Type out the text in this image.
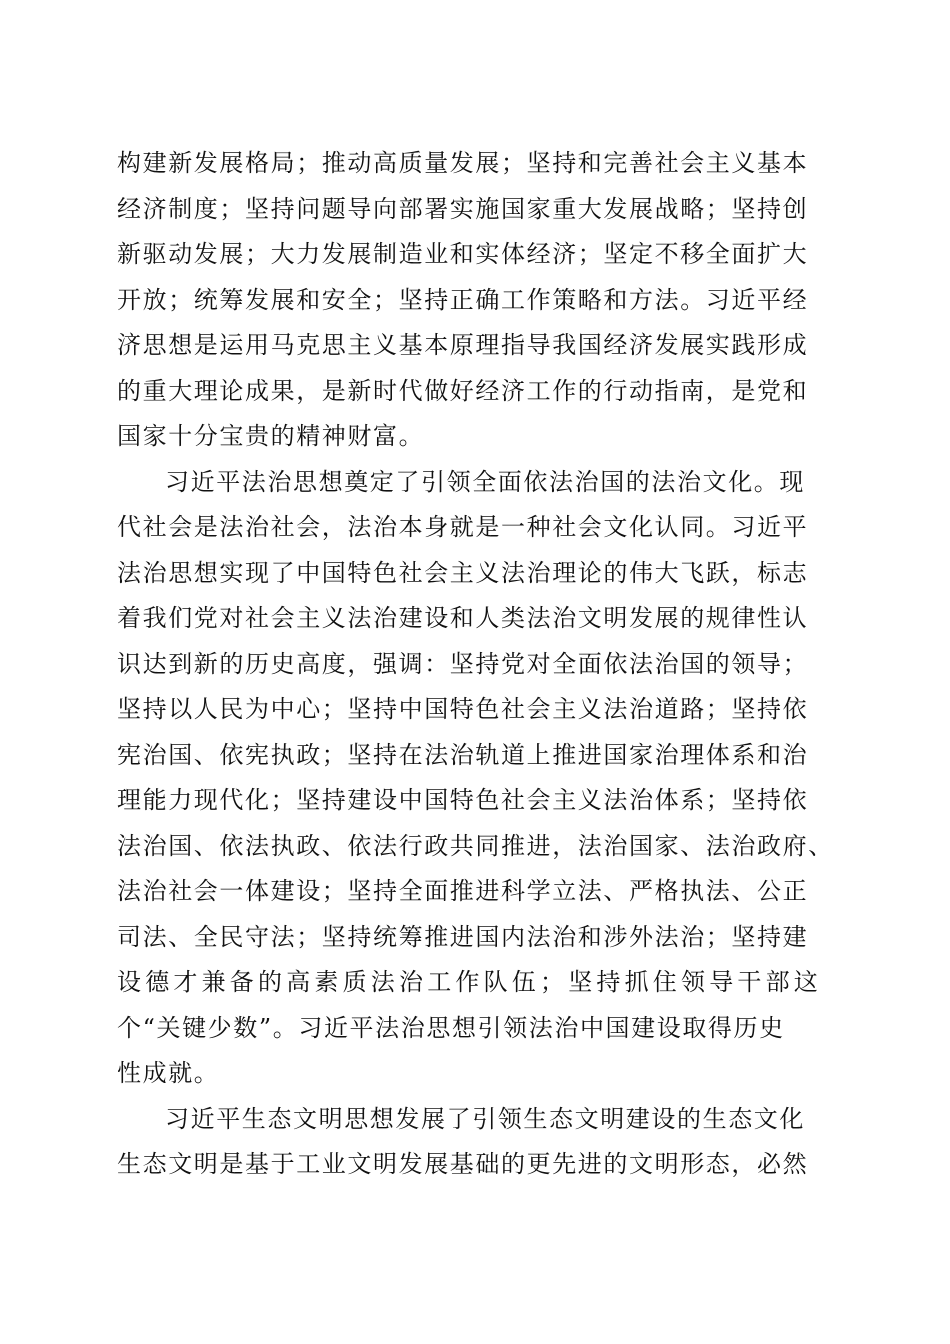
构建新发展格局；推动高质量发展；坚持和完善社会主义基本
经济制度；坚持问题导向部署实施国家重大发展战略；坚持创
新驱动发展；大力发展制造业和实体经济；坚定不移全面扩大
开放；统筹发展和安全；坚持正确工作策略和方法。习近平经
济思想是运用马克思主义基本原理指导我国经济发展实践形成
的重大理论成果，是新时代做好经济工作的行动指南，是党和
国家十分宝贵的精神财富。
习近平法治思想奠定了引领全面依法治国的法治文化。现
代社会是法治社会，法治本身就是一种社会文化认同。习近平
法治思想实现了中国特色社会主义法治理论的伟大飞跃，标志
着我们党对社会主义法治建设和人类法治文明发展的规律性认
识达到新的历史高度，强调：坚持党对全面依法治国的领导；
坚持以人民为中心；坚持中国特色社会主义法治道路；坚持依
宪治国、依宪执政；坚持在法治轨道上推进国家治理体系和治
理能力现代化；坚持建设中国特色社会主义法治体系；坚持依
法治国、依法执政、依法行政共同推进，法治国家、法治政府、
法治社会一体建设；坚持全面推进科学立法、严格执法、公正
司法、全民守法；坚持统筹推进国内法治和涉外法治；坚持建
设德才兼备的高素质法治工作队伍；坚持抓住领导干部这
个“关键少数”。习近平法治思想引领法治中国建设取得历史
性成就。
习近平生态文明思想发展了引领生态文明建设的生态文化
生态文明是基于工业文明发展基础的更先进的文明形态，必然
